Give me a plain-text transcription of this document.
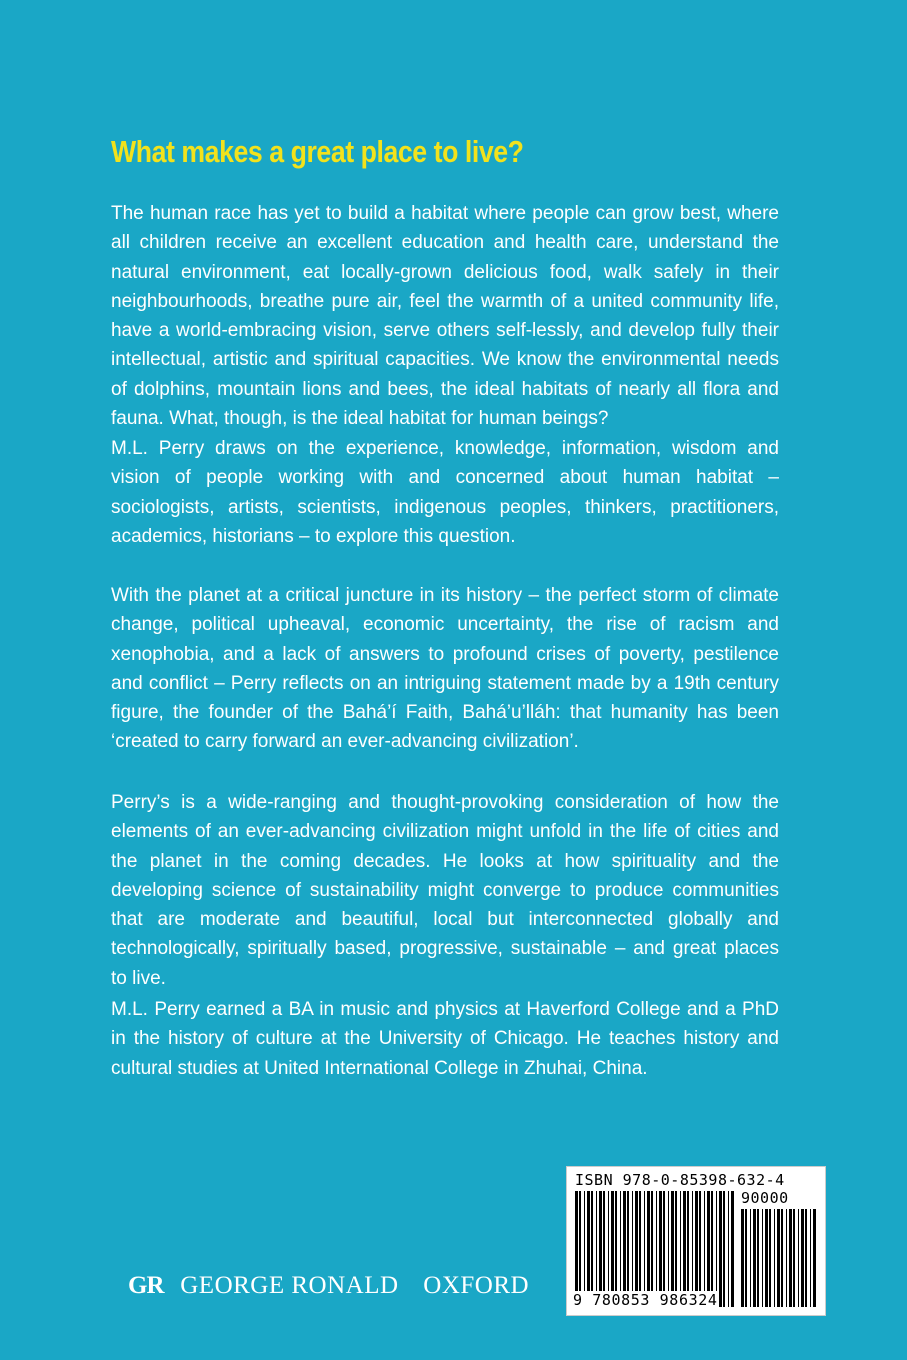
What makes a great place to live?

The human race has yet to build a habitat where people can grow best, where all children receive an excellent education and health care, understand the natural environment, eat locally-grown delicious food, walk safely in their neighbourhoods, breathe pure air, feel the warmth of a united community life, have a world-embracing vision, serve others self-lessly, and develop fully their intellectual, artistic and spiritual capacities. We know the environmental needs of dolphins, mountain lions and bees, the ideal habitats of nearly all flora and fauna. What, though, is the ideal habitat for human beings?

M.L. Perry draws on the experience, knowledge, information, wisdom and vision of people working with and concerned about human habitat – sociologists, artists, scientists, indigenous peoples, thinkers, practitioners, academics, historians – to explore this question.

With the planet at a critical juncture in its history – the perfect storm of climate change, political upheaval, economic uncertainty, the rise of racism and xenophobia, and a lack of answers to profound crises of poverty, pestilence and conflict – Perry reflects on an intriguing statement made by a 19th century figure, the founder of the Bahá’í Faith, Bahá’u’lláh: that humanity has been ‘created to carry forward an ever-advancing civilization’.

Perry’s is a wide-ranging and thought-provoking consideration of how the elements of an ever-advancing civilization might unfold in the life of cities and the planet in the coming decades. He looks at how spirituality and the developing science of sustainability might converge to produce communities that are moderate and beautiful, local but interconnected globally and technologically, spiritually based, progressive, sustainable – and great places to live.

M.L. Perry earned a BA in music and physics at Haverford College and a PhD in the history of culture at the University of Chicago. He teaches history and cultural studies at United International College in Zhuhai, China.

GR GEORGE RONALD OXFORD
ISBN 978-0-85398-632-4
90000
9 780853 986324
